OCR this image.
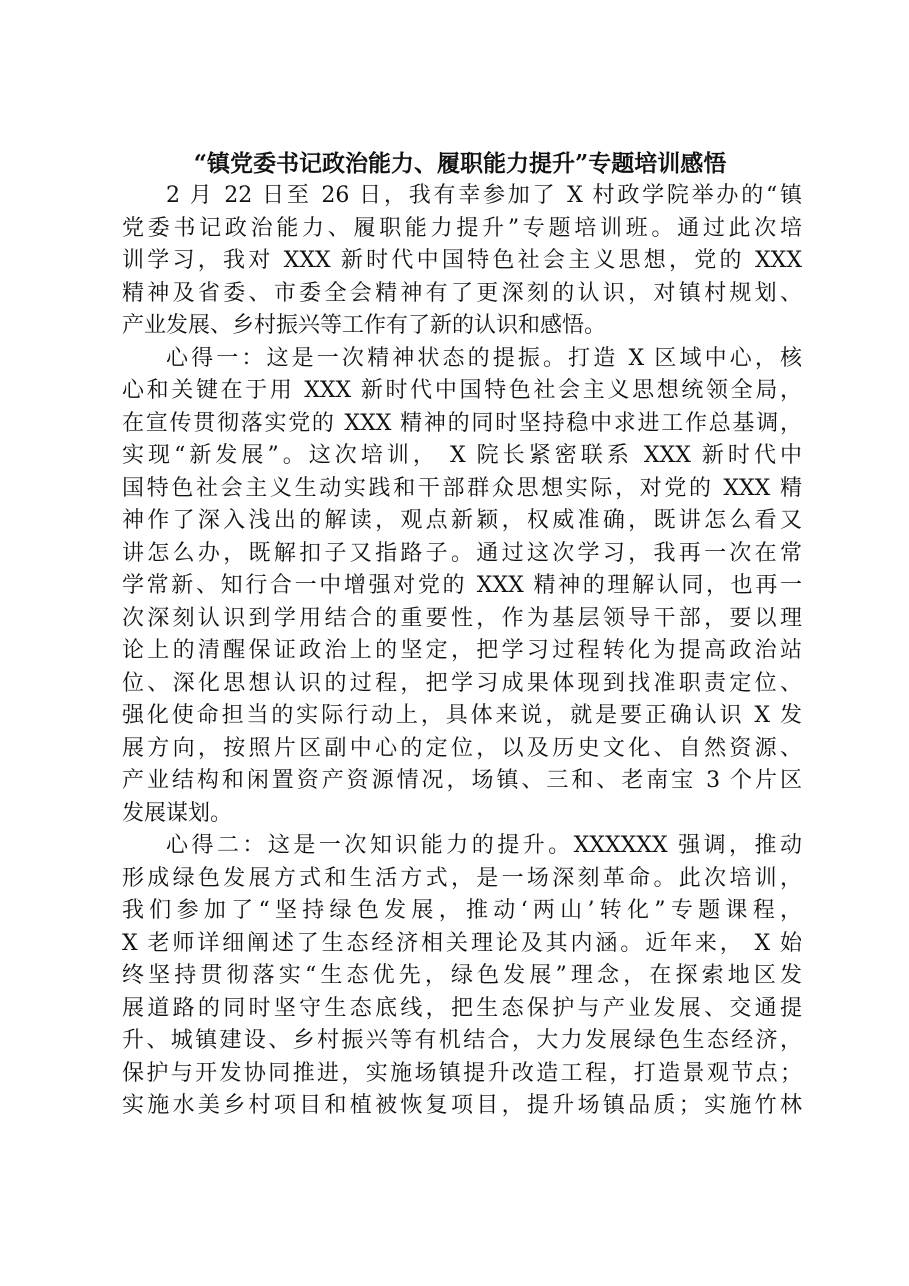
“镇党委书记政治能力、履职能力提升”专题培训感悟
2 月 22 日至 26 日，我有幸参加了 X 村政学院举办的“镇
党委书记政治能力、履职能力提升”专题培训班。通过此次培
训学习，我对 XXX 新时代中国特色社会主义思想，党的 XXX
精神及省委、市委全会精神有了更深刻的认识，对镇村规划、
产业发展、乡村振兴等工作有了新的认识和感悟。
心得一：这是一次精神状态的提振。打造 X 区域中心，核
心和关键在于用 XXX 新时代中国特色社会主义思想统领全局，
在宣传贯彻落实党的 XXX 精神的同时坚持稳中求进工作总基调，
实现“新发展”。这次培训， X 院长紧密联系 XXX 新时代中
国特色社会主义生动实践和干部群众思想实际，对党的 XXX 精
神作了深入浅出的解读，观点新颖，权威准确，既讲怎么看又
讲怎么办，既解扣子又指路子。通过这次学习，我再一次在常
学常新、知行合一中增强对党的 XXX 精神的理解认同，也再一
次深刻认识到学用结合的重要性，作为基层领导干部，要以理
论上的清醒保证政治上的坚定，把学习过程转化为提高政治站
位、深化思想认识的过程，把学习成果体现到找准职责定位、
强化使命担当的实际行动上，具体来说，就是要正确认识 X 发
展方向，按照片区副中心的定位，以及历史文化、自然资源、
产业结构和闲置资产资源情况，场镇、三和、老南宝 3 个片区
发展谋划。
心得二：这是一次知识能力的提升。XXXXXX 强调，推动
形成绿色发展方式和生活方式，是一场深刻革命。此次培训，
我们参加了“坚持绿色发展，推动‘两山’转化”专题课程，
X 老师详细阐述了生态经济相关理论及其内涵。近年来， X 始
终坚持贯彻落实“生态优先，绿色发展”理念，在探索地区发
展道路的同时坚守生态底线，把生态保护与产业发展、交通提
升、城镇建设、乡村振兴等有机结合，大力发展绿色生态经济，
保护与开发协同推进，实施场镇提升改造工程，打造景观节点；
实施水美乡村项目和植被恢复项目，提升场镇品质；实施竹林
